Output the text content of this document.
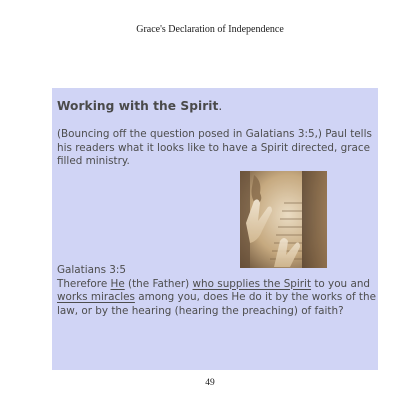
Grace's Declaration of Independence
Working with the Spirit.

(Bouncing off the question posed in Galatians 3:5,) Paul tells his readers what it looks like to have a Spirit directed, grace filled ministry.

Galatians 3:5
Therefore He (the Father) who supplies the Spirit to you and works miracles among you, does He do it by the works of the law, or by the hearing (hearing the preaching) of faith?

49
